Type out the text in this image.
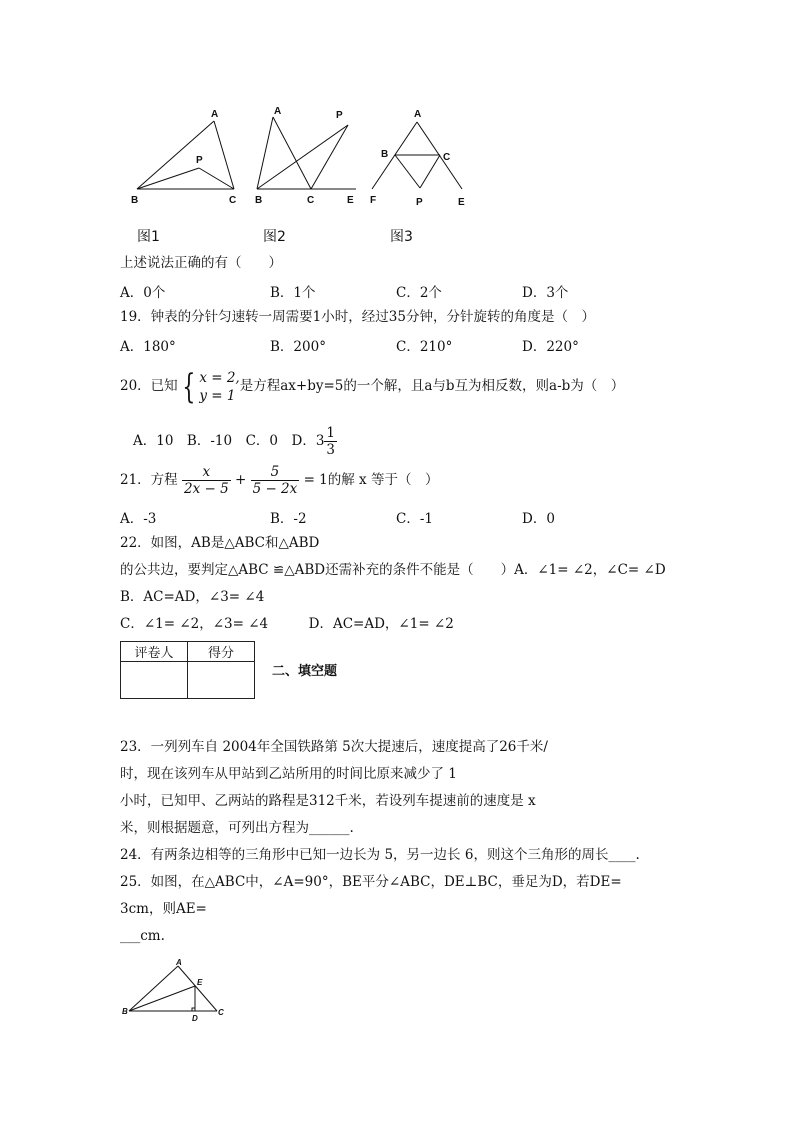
A
P
B	C
A	P
B	C	E
A
B	C
F	P	E
图1	图2	图3
上述说法正确的有（　　）
A．0个	B．1个	C．2个	D．3个
19．钟表的分针匀速转一周需要1小时，经过35分钟，分针旋转的角度是（　）
A．180°	B．200°	C．210°	D．220°
20．已知 { x = 2,
y = 1
是方程ax+by=5的一个解，且a与b互为相反数，则a-b为（　）
A．10　B．-10　C．0　D．$3 \frac{1}{3}$
21．方程 $\frac{x}{2x - 5} + \frac{5}{5 - 2x} = 1$的解 x 等于（　）
A．-3	B．-2	C．-1	D．0
22．如图，AB是△ABC和△ABD
的公共边，要判定△ABC ≌△ABD还需补充的条件不能是（　　）A．∠1= ∠2，∠C= ∠D
B．AC=AD，∠3= ∠4
C．∠1= ∠2，∠3= ∠4　　　D．AC=AD，∠1= ∠2
评卷人	得分

二、填空题
23．一列列车自 2004年全国铁路第 5次大提速后，速度提高了26千米/
时，现在该列车从甲站到乙站所用的时间比原来减少了 1
小时，已知甲、乙两站的路程是312千米，若设列车提速前的速度是 x
米，则根据题意，可列出方程为______.
24．有两条边相等的三角形中已知一边长为 5，另一边长 6，则这个三角形的周长____.
25．如图，在△ABC中，∠A=90°，BE平分∠ABC，DE⊥BC，垂足为D，若DE=
3cm，则AE=
___cm.
A
E
B
D
C
